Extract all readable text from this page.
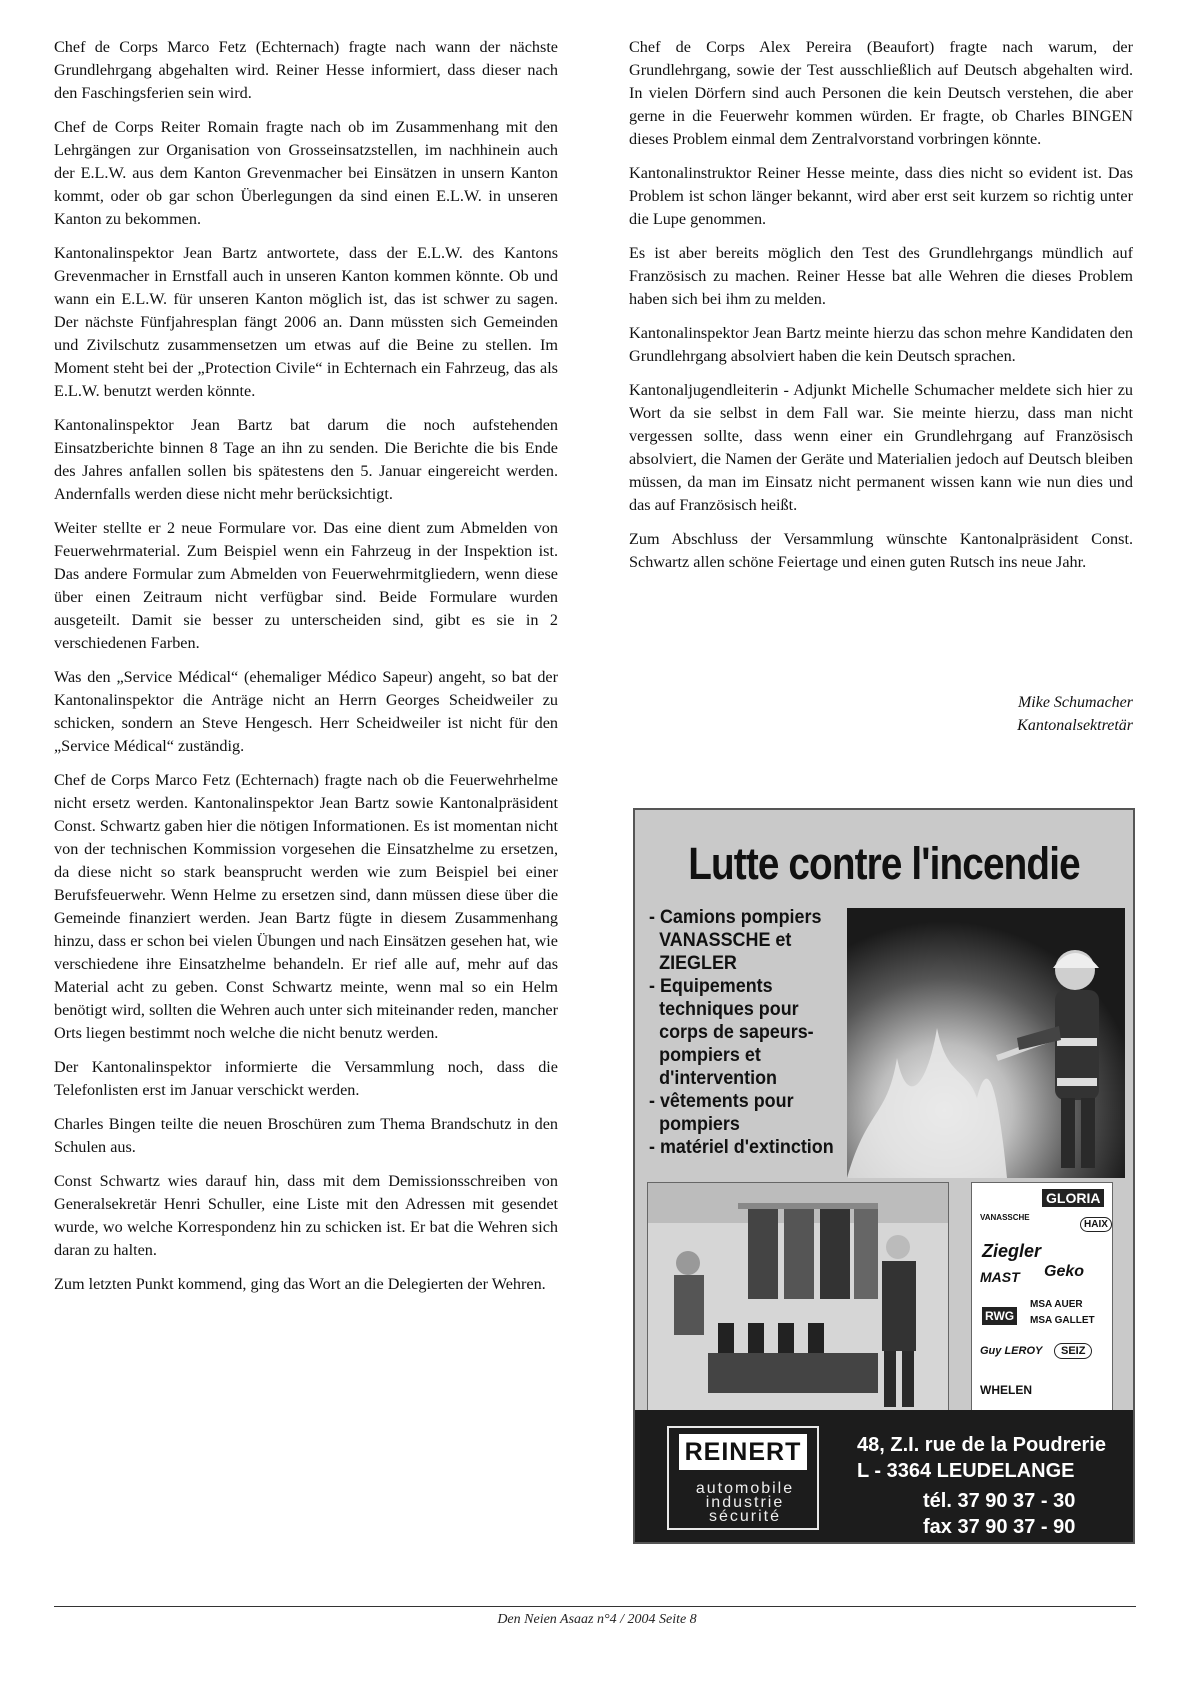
Chef de Corps Marco Fetz (Echternach) fragte nach wann der nächste Grundlehrgang abgehalten wird. Reiner Hesse informiert, dass dieser nach den Faschingsferien sein wird.

Chef de Corps Reiter Romain fragte nach ob im Zusammenhang mit den Lehrgängen zur Organisation von Grosseinsatzstellen, im nachhinein auch der E.L.W. aus dem Kanton Grevenmacher bei Einsätzen in unsern Kanton kommt, oder ob gar schon Überlegungen da sind einen E.L.W. in unseren Kanton zu bekommen.

Kantonalinspektor Jean Bartz antwortete, dass der E.L.W. des Kantons Grevenmacher in Ernstfall auch in unseren Kanton kommen könnte. Ob und wann ein E.L.W. für unseren Kanton möglich ist, das ist schwer zu sagen. Der nächste Fünfjahresplan fängt 2006 an. Dann müssten sich Gemeinden und Zivilschutz zusammensetzen um etwas auf die Beine zu stellen. Im Moment steht bei der „Protection Civile“ in Echternach ein Fahrzeug, das als E.L.W. benutzt werden könnte.

Kantonalinspektor Jean Bartz bat darum die noch aufstehenden Einsatzberichte binnen 8 Tage an ihn zu senden. Die Berichte die bis Ende des Jahres anfallen sollen bis spätestens den 5. Januar eingereicht werden. Andernfalls werden diese nicht mehr berücksichtigt.

Weiter stellte er 2 neue Formulare vor. Das eine dient zum Abmelden von Feuerwehrmaterial. Zum Beispiel wenn ein Fahrzeug in der Inspektion ist. Das andere Formular zum Abmelden von Feuerwehrmitgliedern, wenn diese über einen Zeitraum nicht verfügbar sind. Beide Formulare wurden ausgeteilt. Damit sie besser zu unterscheiden sind, gibt es sie in 2 verschiedenen Farben.

Was den „Service Médical“ (ehemaliger Médico Sapeur) angeht, so bat der Kantonalinspektor die Anträge nicht an Herrn Georges Scheidweiler zu schicken, sondern an Steve Hengesch. Herr Scheidweiler ist nicht für den „Service Médical“ zuständig.

Chef de Corps Marco Fetz (Echternach) fragte nach ob die Feuerwehrhelme nicht ersetz werden. Kantonalinspektor Jean Bartz sowie Kantonalpräsident Const. Schwartz gaben hier die nötigen Informationen. Es ist momentan nicht von der technischen Kommission vorgesehen die Einsatzhelme zu ersetzen, da diese nicht so stark beansprucht werden wie zum Beispiel bei einer Berufsfeuerwehr. Wenn Helme zu ersetzen sind, dann müssen diese über die Gemeinde finanziert werden. Jean Bartz fügte in diesem Zusammenhang hinzu, dass er schon bei vielen Übungen und nach Einsätzen gesehen hat, wie verschiedene ihre Einsatzhelme behandeln. Er rief alle auf, mehr auf das Material acht zu geben. Const Schwartz meinte, wenn mal so ein Helm benötigt wird, sollten die Wehren auch unter sich miteinander reden, mancher Orts liegen bestimmt noch welche die nicht benutz werden.

Der Kantonalinspektor informierte die Versammlung noch, dass die Telefonlisten erst im Januar verschickt werden.

Charles Bingen teilte die neuen Broschüren zum Thema Brandschutz in den Schulen aus.

Const Schwartz wies darauf hin, dass mit dem Demissionsschreiben von Generalsekretär Henri Schuller, eine Liste mit den Adressen mit gesendet wurde, wo welche Korrespondenz hin zu schicken ist. Er bat die Wehren sich daran zu halten.

Zum letzten Punkt kommend, ging das Wort an die Delegierten der Wehren.

Chef de Corps Alex Pereira (Beaufort) fragte nach warum, der Grundlehrgang, sowie der Test ausschließlich auf Deutsch abgehalten wird. In vielen Dörfern sind auch Personen die kein Deutsch verstehen, die aber gerne in die Feuerwehr kommen würden. Er fragte, ob Charles BINGEN dieses Problem einmal dem Zentralvorstand vorbringen könnte.

Kantonalinstruktor Reiner Hesse meinte, dass dies nicht so evident ist. Das Problem ist schon länger bekannt, wird aber erst seit kurzem so richtig unter die Lupe genommen.

Es ist aber bereits möglich den Test des Grundlehrgangs mündlich auf Französisch zu machen. Reiner Hesse bat alle Wehren die dieses Problem haben sich bei ihm zu melden.

Kantonalinspektor Jean Bartz meinte hierzu das schon mehre Kandidaten den Grundlehrgang absolviert haben die kein Deutsch sprachen.

Kantonaljugendleiterin - Adjunkt Michelle Schumacher meldete sich hier zu Wort da sie selbst in dem Fall war. Sie meinte hierzu, dass man nicht vergessen sollte, dass wenn einer ein Grundlehrgang auf Französisch absolviert, die Namen der Geräte und Materialien jedoch auf Deutsch bleiben müssen, da man im Einsatz nicht permanent wissen kann wie nun dies und das auf Französisch heißt.

Zum Abschluss der Versammlung wünschte Kantonalpräsident Const. Schwartz allen schöne Feiertage und einen guten Rutsch ins neue Jahr.

Mike Schumacher
Kantonalsektretär
Lutte contre l'incendie
- Camions pompiers
VANASSCHE et
ZIEGLER
- Equipements
techniques pour
corps de sapeurs-
pompiers et
d'intervention
- vêtements pour
pompiers
- matériel d'extinction
VANASSCHE
GLORIA
HAIX
Ziegler
MAST Geko
RWG
MSA AUER
MSA GALLET
Guy LEROY	SEIZ
WHELEN
REINERT
automobile
industrie
sécurité
48, Z.I. rue de la Poudrerie
L - 3364 LEUDELANGE
tél. 37 90 37 - 30
fax 37 90 37 - 90
Den Neien Asaaz n°4 / 2004 Seite 8
